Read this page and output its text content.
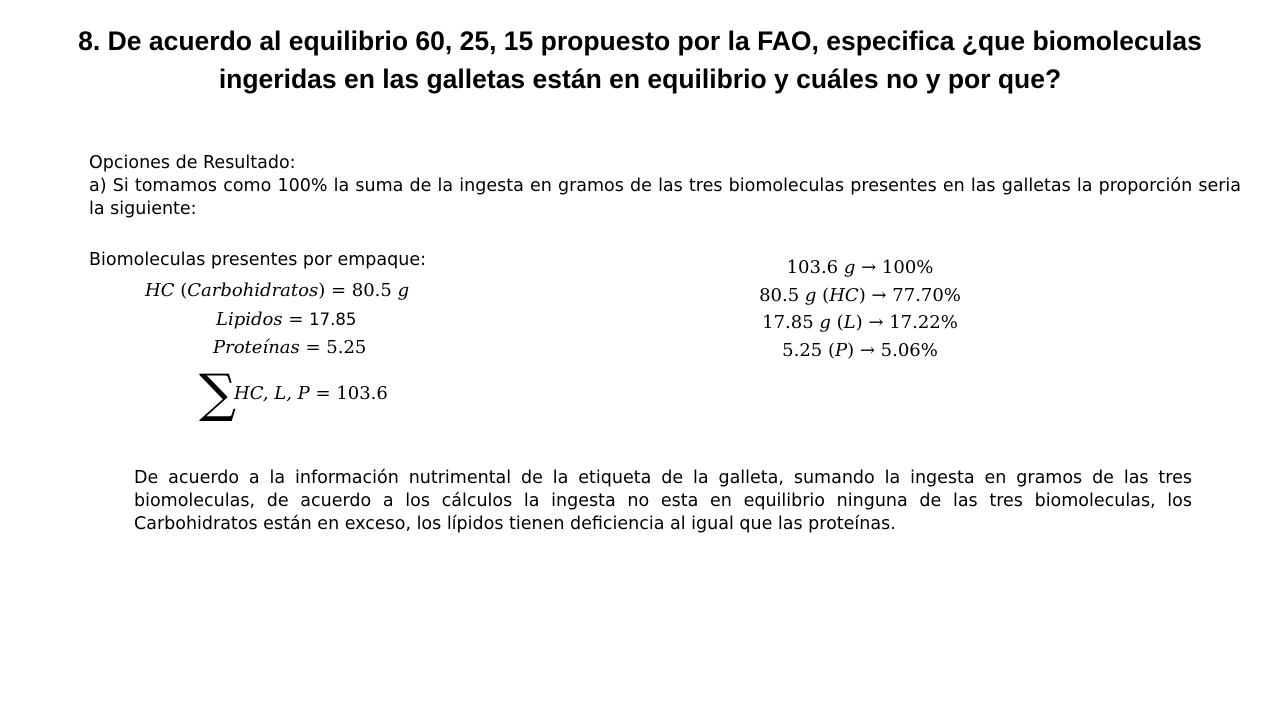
8. De acuerdo al equilibrio 60, 25, 15 propuesto por la FAO, especifica ¿que biomoleculas ingeridas en las galletas están en equilibrio y cuáles no y por que?

Opciones de Resultado:

a) Si tomamos como 100% la suma de la ingesta en gramos de las tres biomoleculas presentes en las galletas la proporción seria la siguiente:

Biomoleculas presentes por empaque:

HC (Carbohidratos) = 80.5 g
Lipidos = 17.85
Proteínas = 5.25
∑
HC, L, P = 103.6
103.6 g → 100%
80.5 g (HC) → 77.70%
17.85 g (L) → 17.22%
5.25 (P) → 5.06%

De acuerdo a la información nutrimental de la etiqueta de la galleta, sumando la ingesta en gramos de las tres biomoleculas, de acuerdo a los cálculos la ingesta no esta en equilibrio ninguna de las tres biomoleculas, los Carbohidratos están en exceso, los lípidos tienen deficiencia al igual que las proteínas.
